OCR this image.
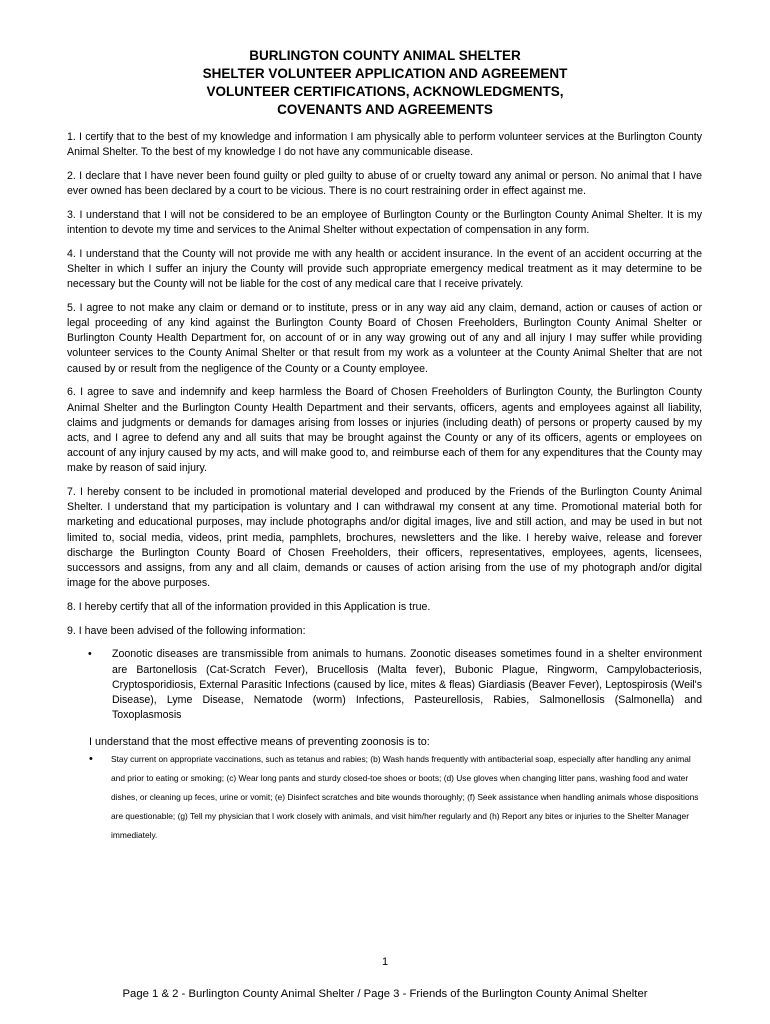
BURLINGTON COUNTY ANIMAL SHELTER
SHELTER VOLUNTEER APPLICATION AND AGREEMENT
VOLUNTEER CERTIFICATIONS, ACKNOWLEDGMENTS,
COVENANTS AND AGREEMENTS

1. I certify that to the best of my knowledge and information I am physically able to perform volunteer services at the Burlington County Animal Shelter. To the best of my knowledge I do not have any communicable disease.

2. I declare that I have never been found guilty or pled guilty to abuse of or cruelty toward any animal or person. No animal that I have ever owned has been declared by a court to be vicious. There is no court restraining order in effect against me.

3. I understand that I will not be considered to be an employee of Burlington County or the Burlington County Animal Shelter. It is my intention to devote my time and services to the Animal Shelter without expectation of compensation in any form.

4. I understand that the County will not provide me with any health or accident insurance. In the event of an accident occurring at the Shelter in which I suffer an injury the County will provide such appropriate emergency medical treatment as it may determine to be necessary but the County will not be liable for the cost of any medical care that I receive privately.

5. I agree to not make any claim or demand or to institute, press or in any way aid any claim, demand, action or causes of action or legal proceeding of any kind against the Burlington County Board of Chosen Freeholders, Burlington County Animal Shelter or Burlington County Health Department for, on account of or in any way growing out of any and all injury I may suffer while providing volunteer services to the County Animal Shelter or that result from my work as a volunteer at the County Animal Shelter that are not caused by or result from the negligence of the County or a County employee.

6. I agree to save and indemnify and keep harmless the Board of Chosen Freeholders of Burlington County, the Burlington County Animal Shelter and the Burlington County Health Department and their servants, officers, agents and employees against all liability, claims and judgments or demands for damages arising from losses or injuries (including death) of persons or property caused by my acts, and I agree to defend any and all suits that may be brought against the County or any of its officers, agents or employees on account of any injury caused by my acts, and will make good to, and reimburse each of them for any expenditures that the County may make by reason of said injury.

7. I hereby consent to be included in promotional material developed and produced by the Friends of the Burlington County Animal Shelter. I understand that my participation is voluntary and I can withdrawal my consent at any time. Promotional material both for marketing and educational purposes, may include photographs and/or digital images, live and still action, and may be used in but not limited to, social media, videos, print media, pamphlets, brochures, newsletters and the like. I hereby waive, release and forever discharge the Burlington County Board of Chosen Freeholders, their officers, representatives, employees, agents, licensees, successors and assigns, from any and all claim, demands or causes of action arising from the use of my photograph and/or digital image for the above purposes.

8. I hereby certify that all of the information provided in this Application is true.

9. I have been advised of the following information:

• Zoonotic diseases are transmissible from animals to humans. Zoonotic diseases sometimes found in a shelter environment are Bartonellosis (Cat-Scratch Fever), Brucellosis (Malta fever), Bubonic Plague, Ringworm, Campylobacteriosis, Cryptosporidiosis, External Parasitic Infections (caused by lice, mites & fleas) Giardiasis (Beaver Fever), Leptospirosis (Weil's Disease), Lyme Disease, Nematode (worm) Infections, Pasteurellosis, Rabies, Salmonellosis (Salmonella) and Toxoplasmosis
I understand that the most effective means of preventing zoonosis is to:
• Stay current on appropriate vaccinations, such as tetanus and rabies; (b) Wash hands frequently with antibacterial soap, especially after handling any animal and prior to eating or smoking; (c) Wear long pants and sturdy closed-toe shoes or boots; (d) Use gloves when changing litter pans, washing food and water dishes, or cleaning up feces, urine or vomit; (e) Disinfect scratches and bite wounds thoroughly; (f) Seek assistance when handling animals whose dispositions are questionable; (g) Tell my physician that I work closely with animals, and visit him/her regularly and (h) Report any bites or injuries to the Shelter Manager immediately.
1
Page 1 & 2 - Burlington County Animal Shelter / Page 3 - Friends of the Burlington County Animal Shelter
